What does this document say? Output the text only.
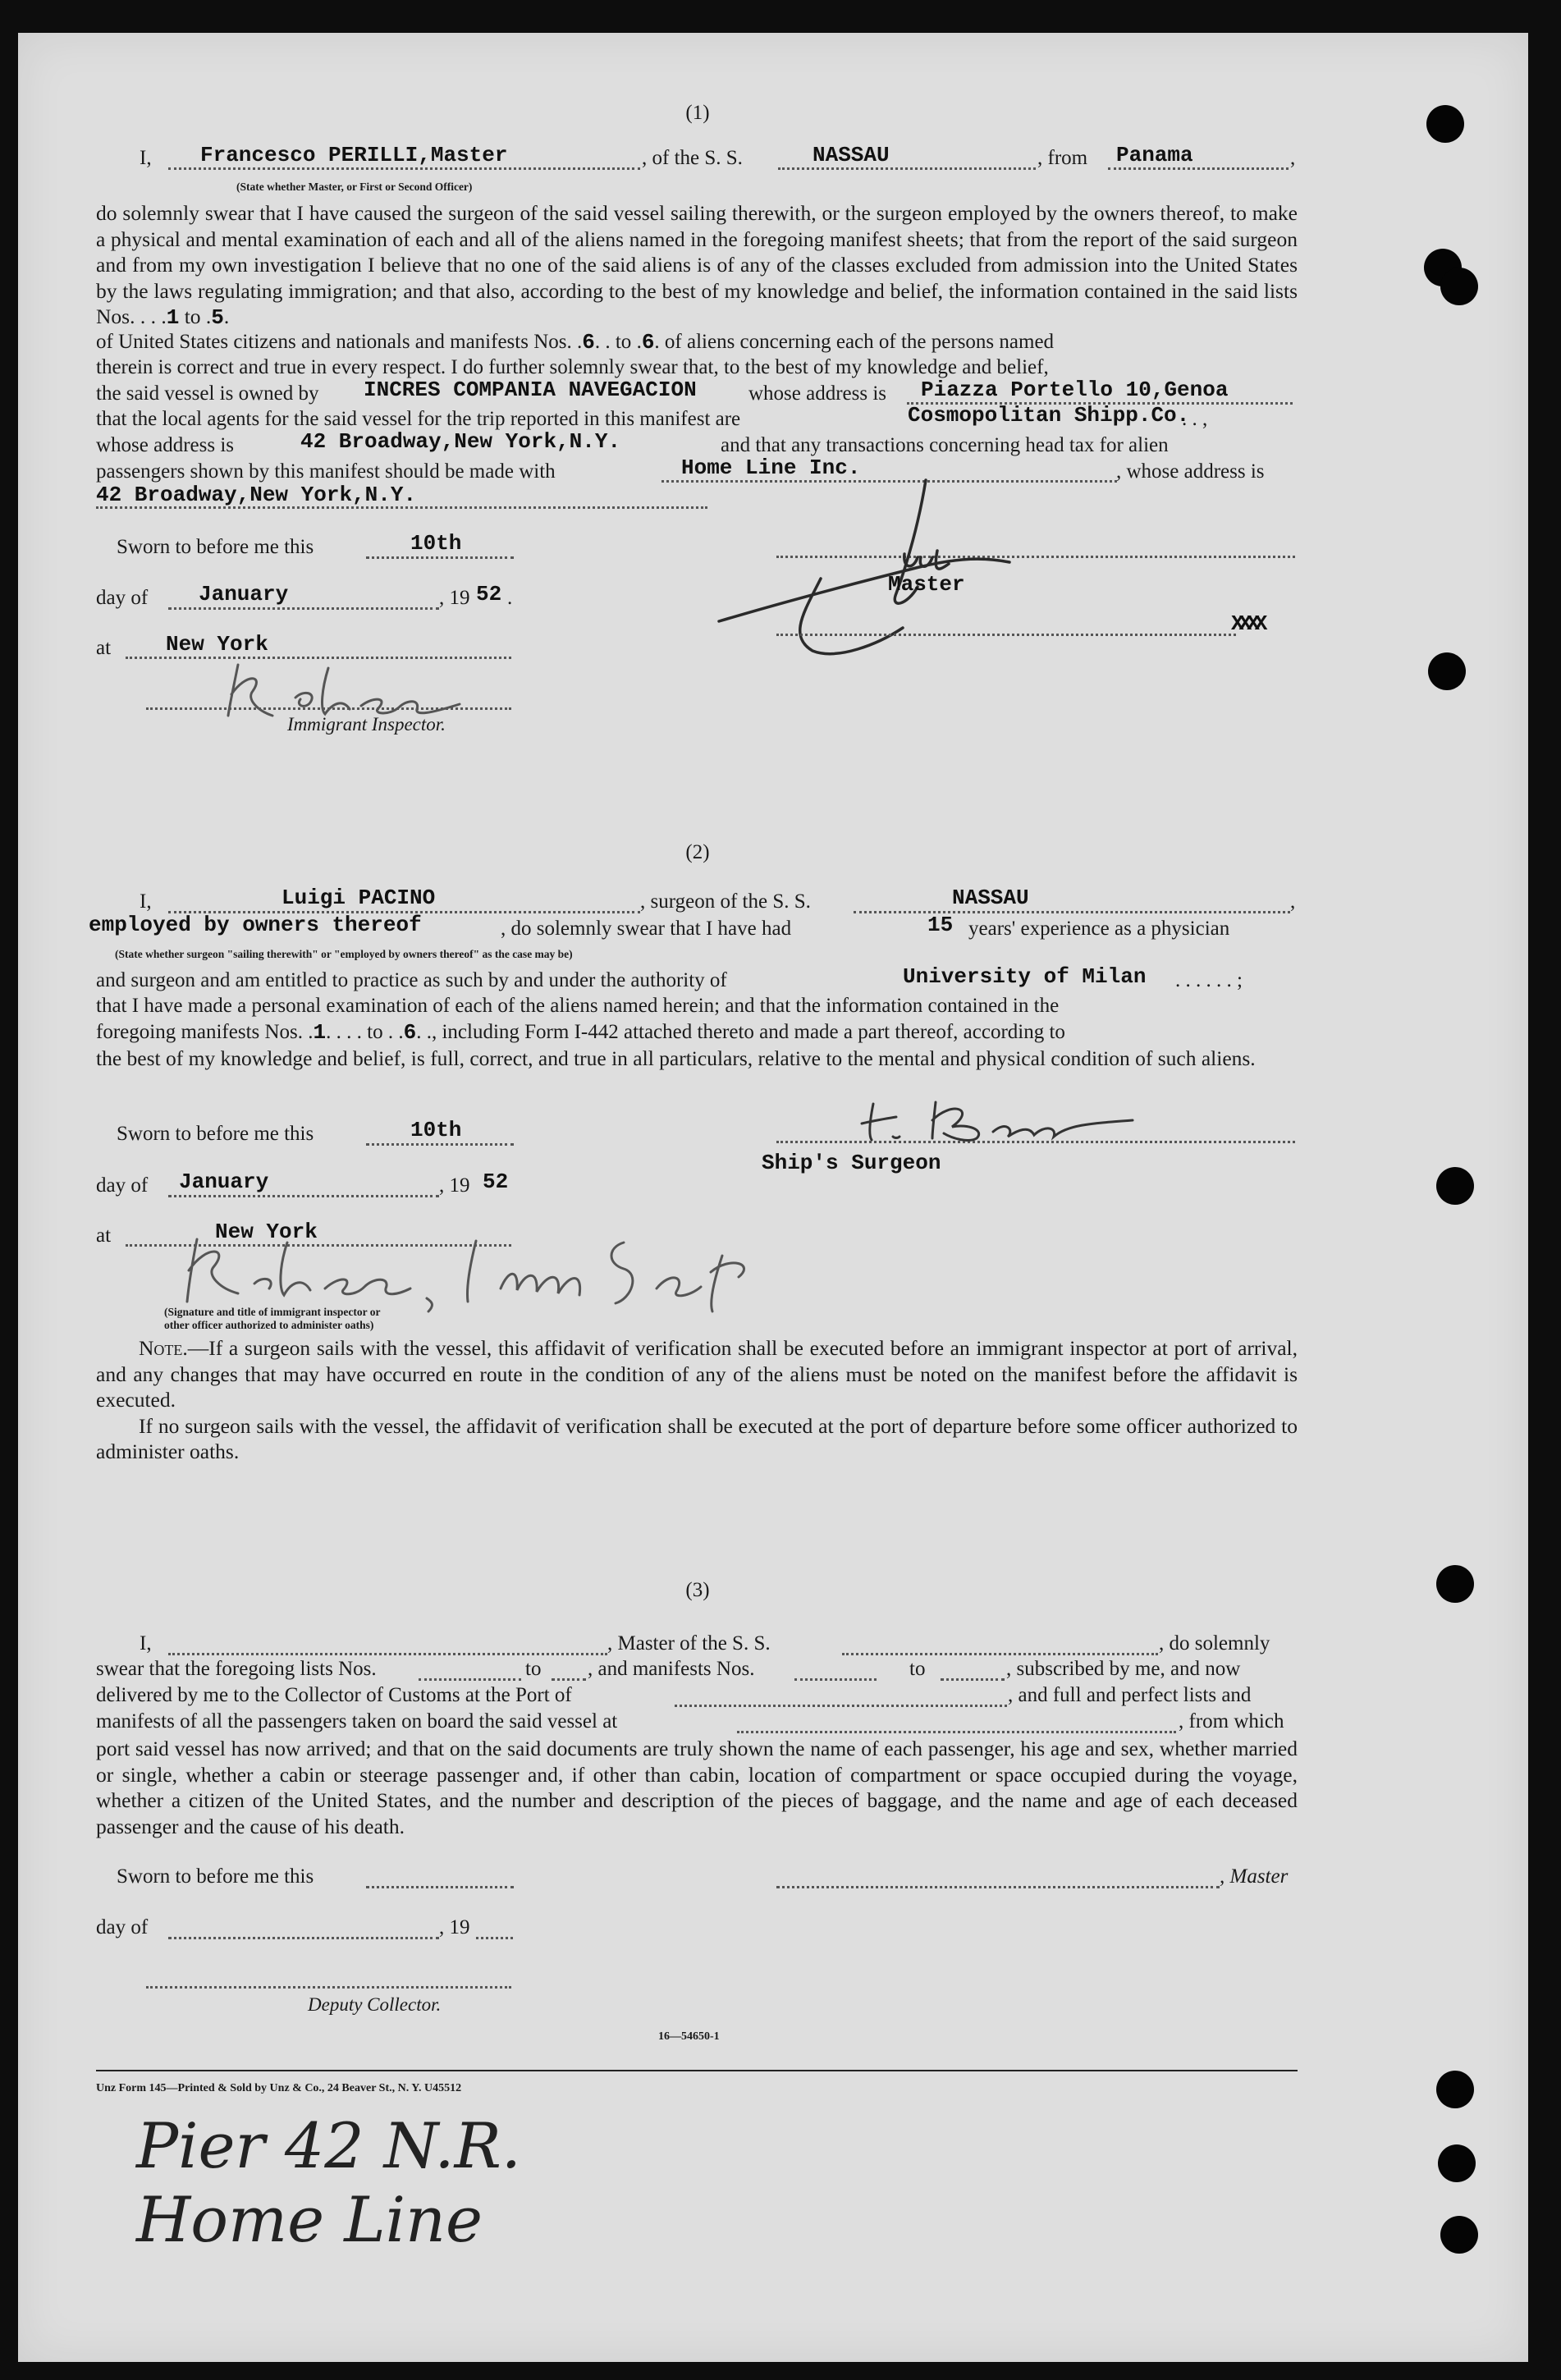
(1)
I, Francesco PERILLI,Master	, of the S. S.	NASSAU	, from Panama	,
(State whether Master, or First or Second Officer)

do solemnly swear that I have caused the surgeon of the said vessel sailing therewith, or the surgeon employed by the owners thereof, to make a physical and mental examination of each and all of the aliens named in the foregoing manifest sheets; that from the report of the said surgeon and from my own investigation I believe that no one of the said aliens is of any of the classes excluded from admission into the United States by the laws regulating immigration; and that also, according to the best of my knowledge and belief, the information contained in the said lists Nos.

. . .1 to .5.
of United States citizens and nationals and manifests Nos. .6. . to .6. of aliens concerning each of the persons named
therein is correct and true in every respect. I do further solemnly swear that, to the best of my knowledge and belief,
the said vessel is owned by INCRES COMPANIA NAVEGACION	whose address is Piazza Portello 10,Genoa
that the local agents for the said vessel for the trip reported in this manifest are	Cosmopolitan Shipp.Co.
. . ,
whose address is	42 Broadway,New York,N.Y.	and that any transactions concerning head tax for alien
passengers shown by this manifest should be made with	Home Line Inc.	, whose address is
42 Broadway,New York,N.Y.
Sworn to before me this	10th
day of January	, 19 52 .
at	New York
Immigrant Inspector.
Master
XXXX
(2)
I,	Luigi PACINO	, surgeon of the S. S.	NASSAU	,
employed by owners thereof	, do solemnly swear that I have had	15 years' experience as a physician
(State whether surgeon "sailing therewith" or "employed by owners thereof" as the case may be)
and surgeon and am entitled to practice as such by and under the authority of	University of Milan . . . . . . ;
that I have made a personal examination of each of the aliens named herein; and that the information contained in the
foregoing manifests Nos. .1. . . . to . .6. ., including Form I-442 attached thereto and made a part thereof, according to
the best of my knowledge and belief, is full, correct, and true in all particulars, relative to the mental and physical condition of such aliens.
Sworn to before me this	10th
Ship's Surgeon
day of January	, 19 52
at	New York
(Signature and title of immigrant inspector or
other officer authorized to administer oaths)

Note.—If a surgeon sails with the vessel, this affidavit of verification shall be executed before an immigrant inspector at port of arrival, and any changes that may have occurred en route in the condition of any of the aliens must be noted on the manifest before the affidavit is executed.

If no surgeon sails with the vessel, the affidavit of verification shall be executed at the port of departure before some officer authorized to administer oaths.

(3)
I,	, Master of the S. S.	, do solemnly
swear that the foregoing lists Nos.	to , and manifests Nos.	to	, subscribed by me, and now
delivered by me to the Collector of Customs at the Port of	, and full and perfect lists and
manifests of all the passengers taken on board the said vessel at	, from which
port said vessel has now arrived; and that on the said documents are truly shown the name of each passenger, his age and sex, whether married or single, whether a cabin or steerage passenger and, if other than cabin, location of compartment or space occupied during the voyage, whether a citizen of the United States, and the number and description of the pieces of baggage, and the name and age of each deceased passenger and the cause of his death.
Sworn to before me this	, Master
day of	, 19
Deputy Collector.
16—54650-1
Unz Form 145—Printed & Sold by Unz & Co., 24 Beaver St., N. Y. U45512
Pier 42 N.R.
Home Line
